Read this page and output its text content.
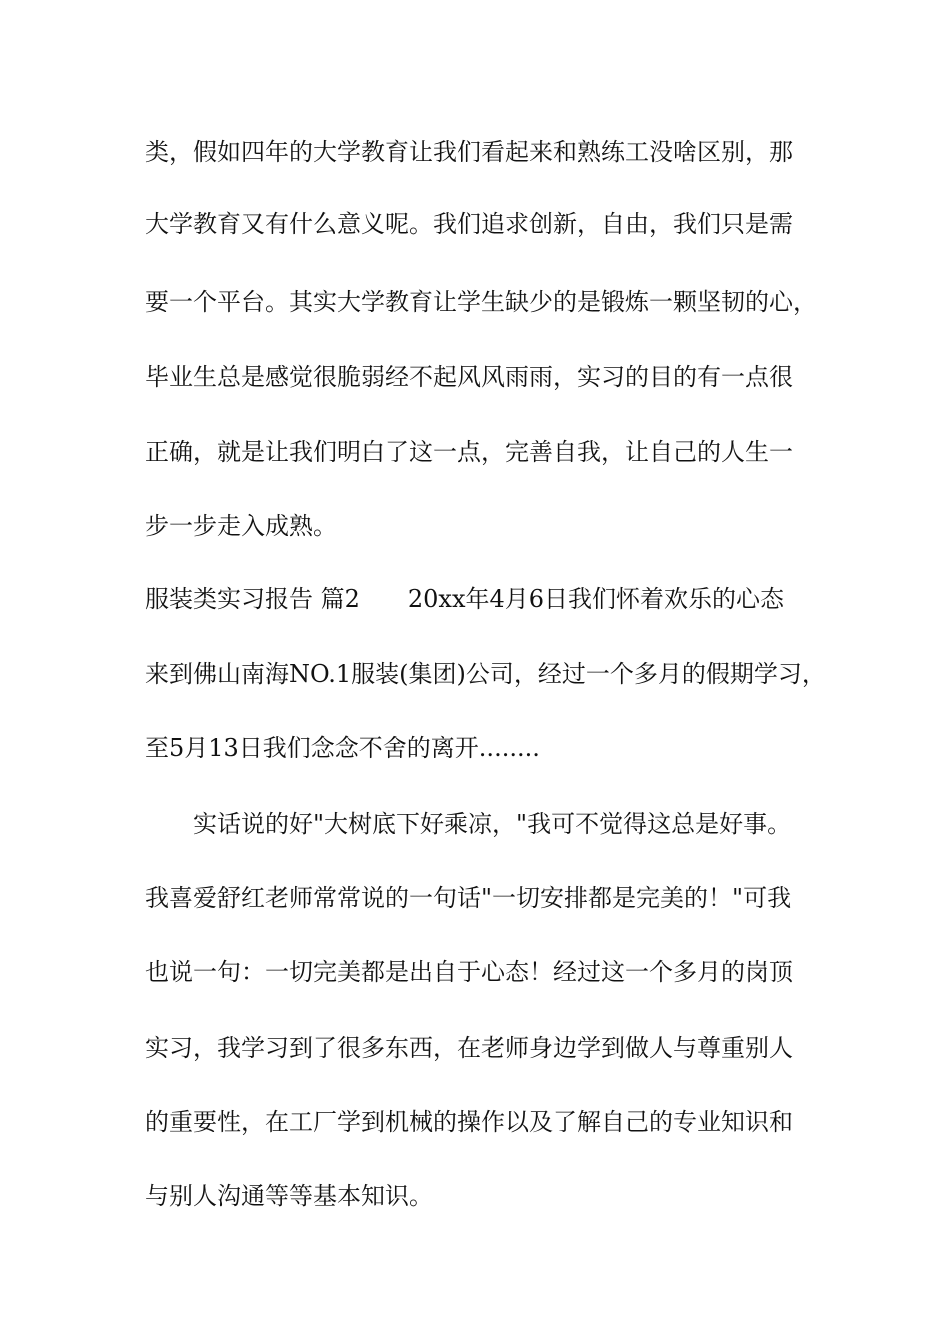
类，假如四年的大学教育让我们看起来和熟练工没啥区别，那
大学教育又有什么意义呢。我们追求创新，自由，我们只是需
要一个平台。其实大学教育让学生缺少的是锻炼一颗坚韧的心，
毕业生总是感觉很脆弱经不起风风雨雨，实习的目的有一点很
正确，就是让我们明白了这一点，完善自我，让自己的人生一
步一步走入成熟。
服装类实习报告 篇2　　20xx年4月6日我们怀着欢乐的心态
来到佛山南海NO.1服装(集团)公司，经过一个多月的假期学习，
至5月13日我们念念不舍的离开........
实话说的好"大树底下好乘凉，"我可不觉得这总是好事。
我喜爱舒红老师常常说的一句话"一切安排都是完美的！"可我
也说一句：一切完美都是出自于心态！经过这一个多月的岗顶
实习，我学习到了很多东西，在老师身边学到做人与尊重别人
的重要性，在工厂学到机械的操作以及了解自己的专业知识和
与别人沟通等等基本知识。
